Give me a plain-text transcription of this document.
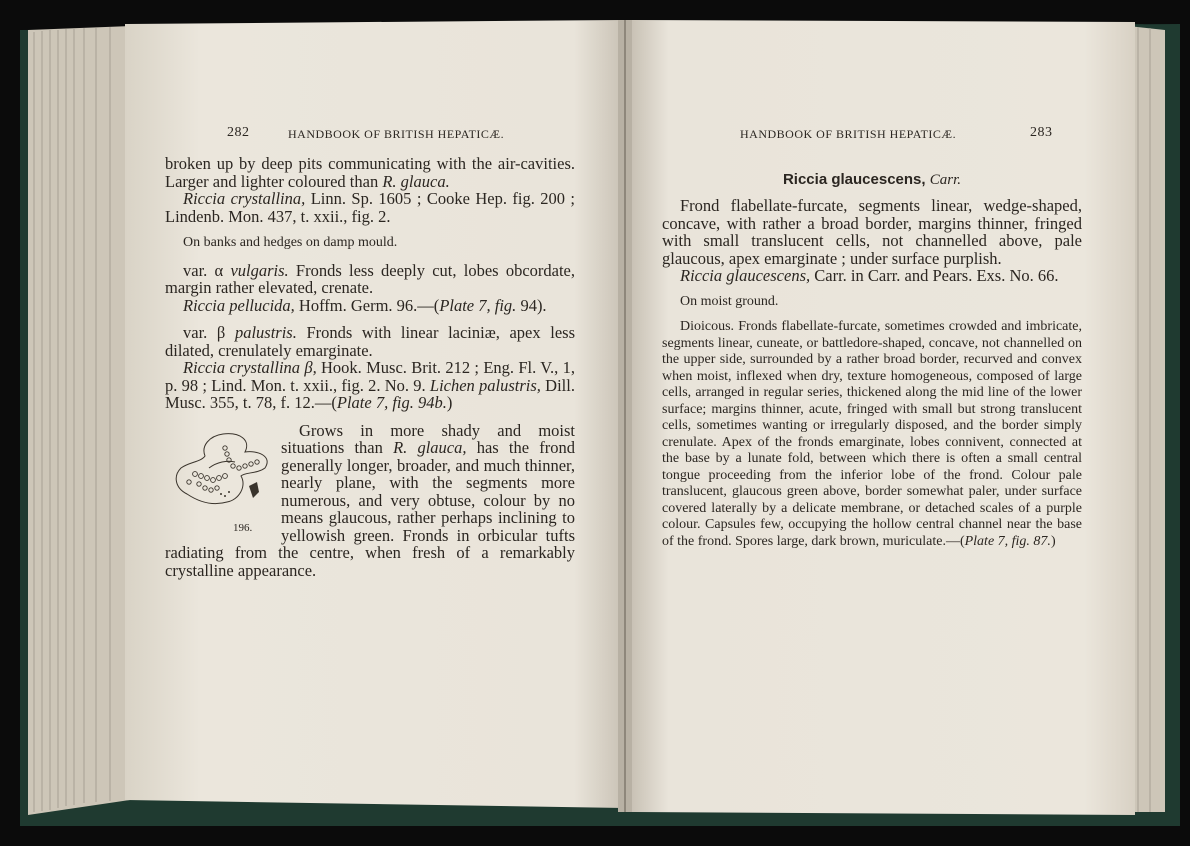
282	HANDBOOK OF BRITISH HEPATICÆ.

broken up by deep pits communicating with the air-cavities. Larger and lighter coloured than R. glauca.

Riccia crystallina, Linn. Sp. 1605 ; Cooke Hep. fig. 200 ; Lindenb. Mon. 437, t. xxii., fig. 2.

On banks and hedges on damp mould.

var. α vulgaris. Fronds less deeply cut, lobes obcordate, margin rather elevated, crenate.

Riccia pellucida, Hoffm. Germ. 96.—(Plate 7, fig. 94).

var. β palustris. Fronds with linear laciniæ, apex less dilated, crenulately emarginate.

Riccia crystallina β, Hook. Musc. Brit. 212 ; Eng. Fl. V., 1, p. 98 ; Lind. Mon. t. xxii., fig. 2. No. 9. Lichen palustris, Dill. Musc. 355, t. 78, f. 12.—(Plate 7, fig. 94b.)

196.
Grows in more shady and moist situations than R. glauca, has the frond generally longer, broader, and much thinner, nearly plane, with the segments more numerous, and very obtuse, colour by no means glaucous, rather perhaps inclining to yellowish green. Fronds in orbicular tufts radiating from the centre, when fresh of a remarkably crystalline appearance.

HANDBOOK OF BRITISH HEPATICÆ.	283
Riccia glaucescens, Carr.

Frond flabellate-furcate, segments linear, wedge-shaped, concave, with rather a broad border, margins thinner, fringed with small translucent cells, not channelled above, pale glaucous, apex emarginate ; under surface purplish.

Riccia glaucescens, Carr. in Carr. and Pears. Exs. No. 66.

On moist ground.

Dioicous. Fronds flabellate-furcate, sometimes crowded and imbricate, segments linear, cuneate, or battledore-shaped, concave, not channelled on the upper side, surrounded by a rather broad border, recurved and convex when moist, inflexed when dry, texture homogeneous, composed of large cells, arranged in regular series, thickened along the mid line of the lower surface; margins thinner, acute, fringed with small but strong translucent cells, sometimes wanting or irregularly disposed, and the border simply crenulate. Apex of the fronds emarginate, lobes connivent, connected at the base by a lunate fold, between which there is often a small central tongue proceeding from the inferior lobe of the frond. Colour pale translucent, glaucous green above, border somewhat paler, under surface covered laterally by a delicate membrane, or detached scales of a purple colour. Capsules few, occupying the hollow central channel near the base of the frond. Spores large, dark brown, muriculate.—(Plate 7, fig. 87.)
